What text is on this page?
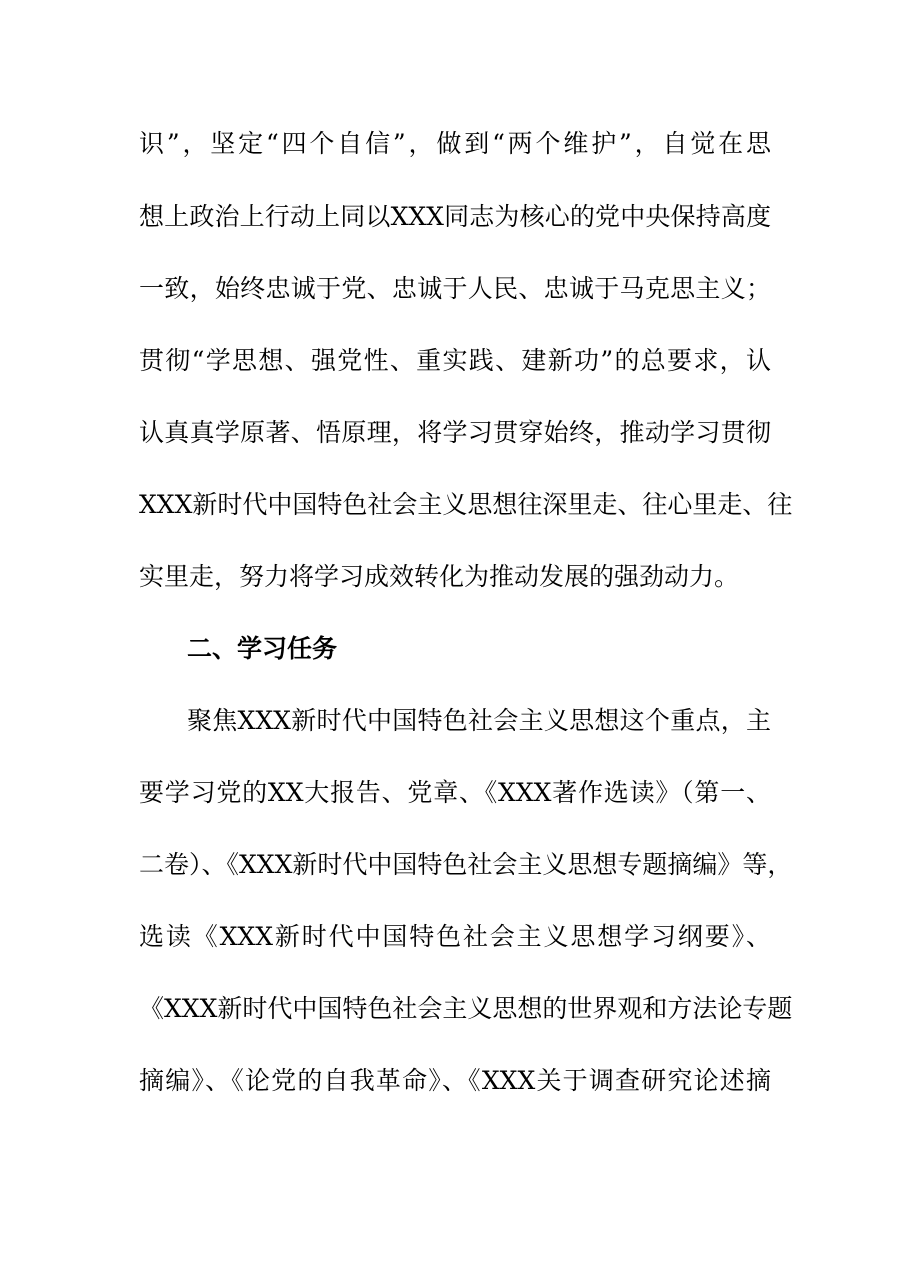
识”，坚定“四个自信”，做到“两个维护”，自觉在思
想上政治上行动上同以XXX同志为核心的党中央保持高度
一致，始终忠诚于党、忠诚于人民、忠诚于马克思主义；
贯彻“学思想、强党性、重实践、建新功”的总要求，认
认真真学原著、悟原理，将学习贯穿始终，推动学习贯彻
XXX新时代中国特色社会主义思想往深里走、往心里走、往
实里走，努力将学习成效转化为推动发展的强劲动力。
二、学习任务
聚焦XXX新时代中国特色社会主义思想这个重点，主
要学习党的XX大报告、党章、《XXX著作选读》（第一、
二卷）、《XXX新时代中国特色社会主义思想专题摘编》等，
选读《XXX新时代中国特色社会主义思想学习纲要》、
《XXX新时代中国特色社会主义思想的世界观和方法论专题
摘编》、《论党的自我革命》、《XXX关于调查研究论述摘
